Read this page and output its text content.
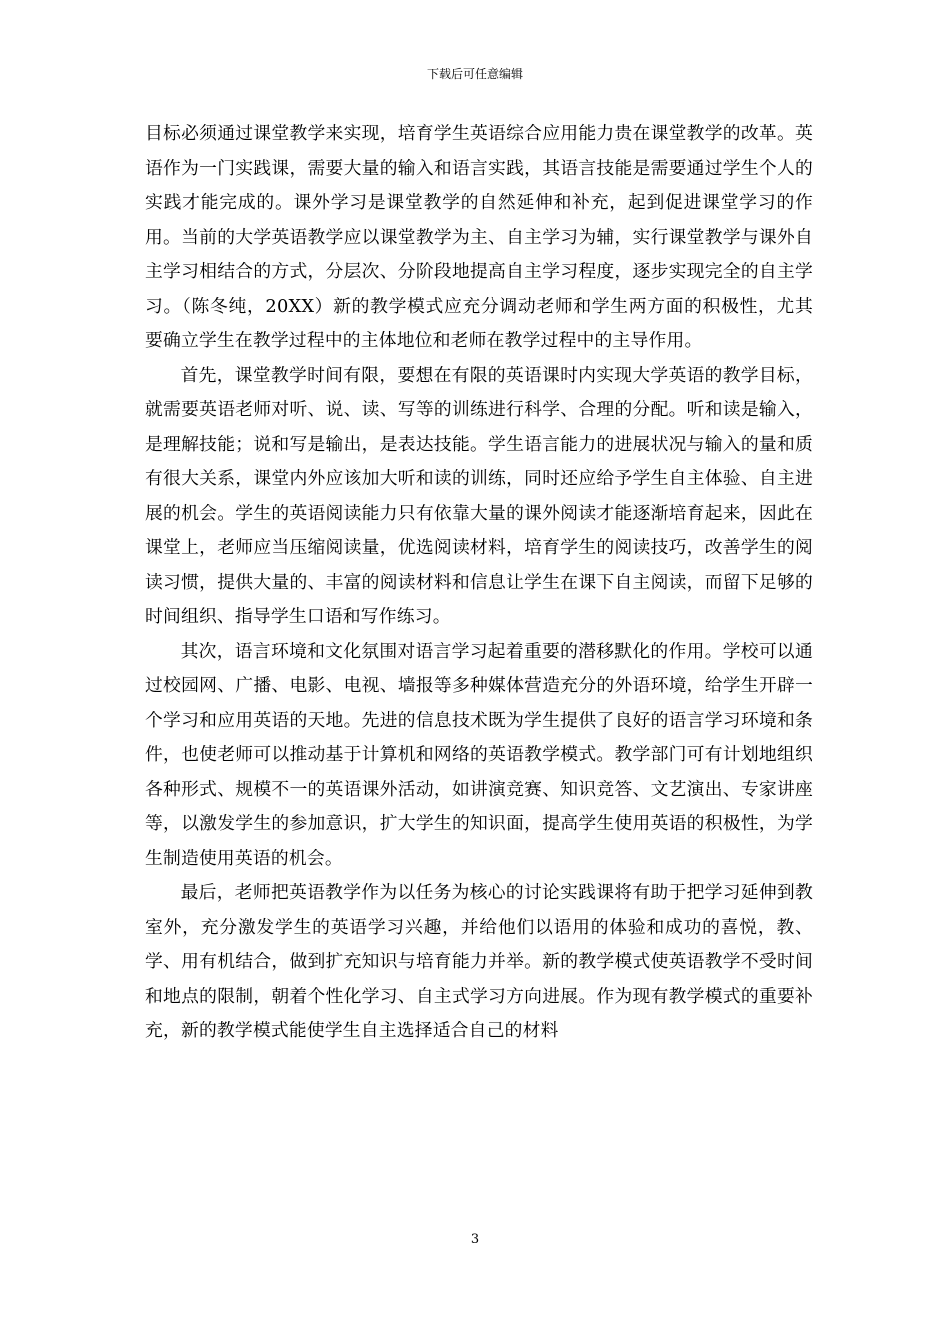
下载后可任意编辑

目标必须通过课堂教学来实现，培育学生英语综合应用能力贵在课堂教学的改革。英语作为一门实践课，需要大量的输入和语言实践，其语言技能是需要通过学生个人的实践才能完成的。课外学习是课堂教学的自然延伸和补充，起到促进课堂学习的作用。当前的大学英语教学应以课堂教学为主、自主学习为辅，实行课堂教学与课外自主学习相结合的方式，分层次、分阶段地提高自主学习程度，逐步实现完全的自主学习。（陈冬纯，20XX）新的教学模式应充分调动老师和学生两方面的积极性，尤其要确立学生在教学过程中的主体地位和老师在教学过程中的主导作用。

首先，课堂教学时间有限，要想在有限的英语课时内实现大学英语的教学目标，就需要英语老师对听、说、读、写等的训练进行科学、合理的分配。听和读是输入，是理解技能；说和写是输出，是表达技能。学生语言能力的进展状况与输入的量和质有很大关系，课堂内外应该加大听和读的训练，同时还应给予学生自主体验、自主进展的机会。学生的英语阅读能力只有依靠大量的课外阅读才能逐渐培育起来，因此在课堂上，老师应当压缩阅读量，优选阅读材料，培育学生的阅读技巧，改善学生的阅读习惯，提供大量的、丰富的阅读材料和信息让学生在课下自主阅读，而留下足够的时间组织、指导学生口语和写作练习。

其次，语言环境和文化氛围对语言学习起着重要的潜移默化的作用。学校可以通过校园网、广播、电影、电视、墙报等多种媒体营造充分的外语环境，给学生开辟一个学习和应用英语的天地。先进的信息技术既为学生提供了良好的语言学习环境和条件，也使老师可以推动基于计算机和网络的英语教学模式。教学部门可有计划地组织各种形式、规模不一的英语课外活动，如讲演竞赛、知识竞答、文艺演出、专家讲座等，以激发学生的参加意识，扩大学生的知识面，提高学生使用英语的积极性，为学生制造使用英语的机会。

最后，老师把英语教学作为以任务为核心的讨论实践课将有助于把学习延伸到教室外，充分激发学生的英语学习兴趣，并给他们以语用的体验和成功的喜悦，教、学、用有机结合，做到扩充知识与培育能力并举。新的教学模式使英语教学不受时间和地点的限制，朝着个性化学习、自主式学习方向进展。作为现有教学模式的重要补充，新的教学模式能使学生自主选择适合自己的材料

3
